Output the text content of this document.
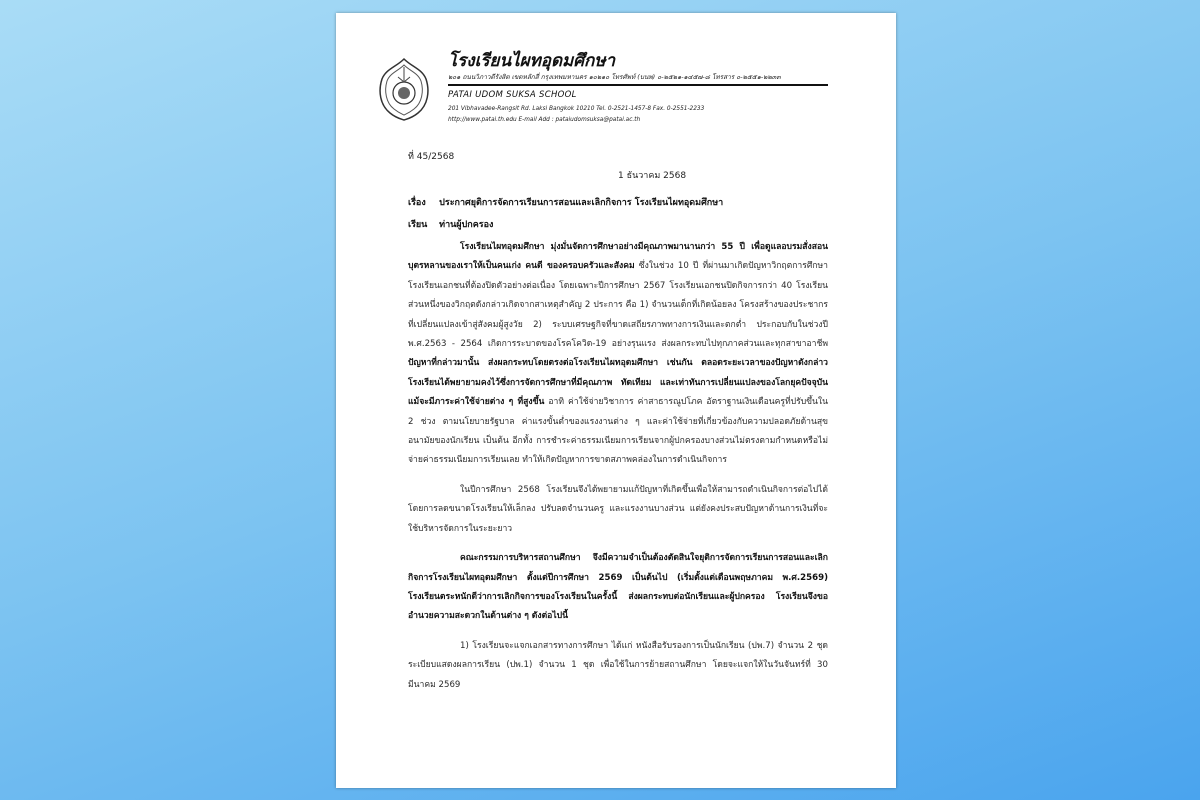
โรงเรียนไผทอุดมศึกษา
๒๐๑ ถนนวิภาวดีรังสิต เขตหลักสี่ กรุงเทพมหานคร ๑๐๒๑๐ โทรศัพท์ (บนพ) ๐-๒๕๒๑-๑๔๕๗-๘ โทรสาร ๐-๒๕๕๑-๒๒๓๓
PATAI UDOM SUKSA SCHOOL
201 Vibhavadee-Rangsit Rd. Laksi Bangkok 10210 Tel. 0-2521-1457-8 Fax. 0-2551-2233
http://www.patai.th.edu E-mail Add : pataiudomsuksa@patai.ac.th
ที่ 45/2568
1 ธันวาคม 2568
เรื่อง ประกาศยุติการจัดการเรียนการสอนและเลิกกิจการ โรงเรียนไผทอุดมศึกษา
เรียน ท่านผู้ปกครอง

โรงเรียนไผทอุดมศึกษา มุ่งมั่นจัดการศึกษาอย่างมีคุณภาพมานานกว่า 55 ปี เพื่อดูแลอบรมสั่งสอนบุตรหลานของเราให้เป็นคนเก่ง คนดี ของครอบครัวและสังคม ซึ่งในช่วง 10 ปี ที่ผ่านมาเกิดปัญหาวิกฤตการศึกษาโรงเรียนเอกชนที่ต้องปิดตัวอย่างต่อเนื่อง โดยเฉพาะปีการศึกษา 2567 โรงเรียนเอกชนปิดกิจการกว่า 40 โรงเรียน ส่วนหนึ่งของวิกฤตดังกล่าวเกิดจากสาเหตุสำคัญ 2 ประการ คือ 1) จำนวนเด็กที่เกิดน้อยลง โครงสร้างของประชากรที่เปลี่ยนแปลงเข้าสู่สังคมผู้สูงวัย 2) ระบบเศรษฐกิจที่ขาดเสถียรภาพทางการเงินและตกต่ำ ประกอบกับในช่วงปี พ.ศ.2563 - 2564 เกิดการระบาดของโรคโควิด-19 อย่างรุนแรง ส่งผลกระทบไปทุกภาคส่วนและทุกสาขาอาชีพ ปัญหาที่กล่าวมานั้น ส่งผลกระทบโดยตรงต่อโรงเรียนไผทอุดมศึกษา เช่นกัน ตลอดระยะเวลาของปัญหาดังกล่าว โรงเรียนได้พยายามคงไว้ซึ่งการจัดการศึกษาที่มีคุณภาพ ทัดเทียม และเท่าทันการเปลี่ยนแปลงของโลกยุคปัจจุบัน แม้จะมีภาระค่าใช้จ่ายต่าง ๆ ที่สูงขึ้น อาทิ ค่าใช้จ่ายวิชาการ ค่าสาธารณูปโภค อัตราฐานเงินเดือนครูที่ปรับขึ้นใน 2 ช่วง ตามนโยบายรัฐบาล ค่าแรงขั้นต่ำของแรงงานต่าง ๆ และค่าใช้จ่ายที่เกี่ยวข้องกับความปลอดภัยด้านสุขอนามัยของนักเรียน เป็นต้น อีกทั้ง การชำระค่าธรรมเนียมการเรียนจากผู้ปกครองบางส่วนไม่ตรงตามกำหนดหรือไม่จ่ายค่าธรรมเนียมการเรียนเลย ทำให้เกิดปัญหาการขาดสภาพคล่องในการดำเนินกิจการ

ในปีการศึกษา 2568 โรงเรียนจึงได้พยายามแก้ปัญหาที่เกิดขึ้นเพื่อให้สามารถดำเนินกิจการต่อไปได้ โดยการลดขนาดโรงเรียนให้เล็กลง ปรับลดจำนวนครู และแรงงานบางส่วน แต่ยังคงประสบปัญหาด้านการเงินที่จะใช้บริหารจัดการในระยะยาว

คณะกรรมการบริหารสถานศึกษา จึงมีความจำเป็นต้องตัดสินใจยุติการจัดการเรียนการสอนและเลิกกิจการโรงเรียนไผทอุดมศึกษา ตั้งแต่ปีการศึกษา 2569 เป็นต้นไป (เริ่มตั้งแต่เดือนพฤษภาคม พ.ศ.2569) โรงเรียนตระหนักดีว่าการเลิกกิจการของโรงเรียนในครั้งนี้ ส่งผลกระทบต่อนักเรียนและผู้ปกครอง โรงเรียนจึงขออำนวยความสะดวกในด้านต่าง ๆ ดังต่อไปนี้

1) โรงเรียนจะแจกเอกสารทางการศึกษา ได้แก่ หนังสือรับรองการเป็นนักเรียน (ปพ.7) จำนวน 2 ชุด ระเบียบแสดงผลการเรียน (ปพ.1) จำนวน 1 ชุด เพื่อใช้ในการย้ายสถานศึกษา โดยจะแจกให้ในวันจันทร์ที่ 30 มีนาคม 2569
